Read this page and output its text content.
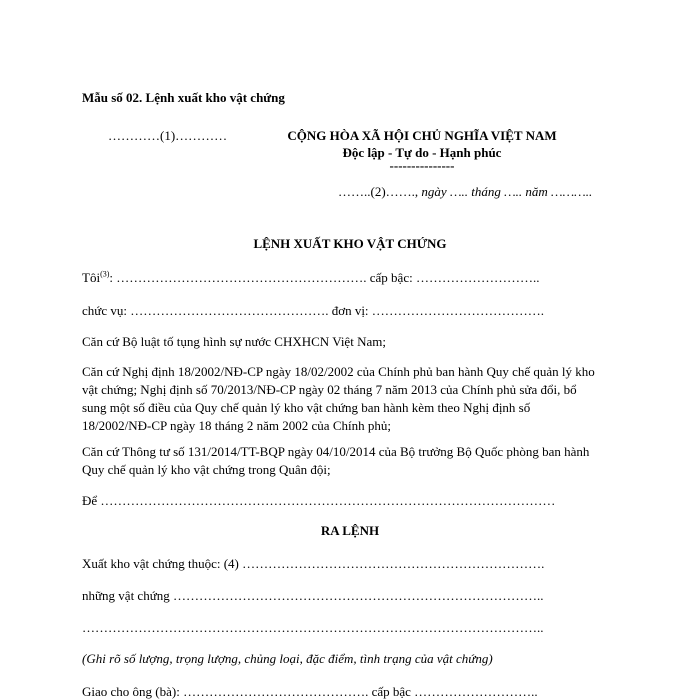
Mẫu số 02. Lệnh xuất kho vật chứng
…………(1)…………	CỘNG HÒA XÃ HỘI CHỦ NGHĨA VIỆT NAM
Độc lập - Tự do - Hạnh phúc
---------------
……..(2)……., ngày ….. tháng ….. năm ………..
LỆNH XUẤT KHO VẬT CHỨNG
Tôi$^{(3)}$: …………………………………………………. cấp bậc: ………………………..
chức vụ: ………………………………………. đơn vị: ………………………………….
Căn cứ Bộ luật tố tụng hình sự nước CHXHCN Việt Nam;
Căn cứ Nghị định 18/2002/NĐ-CP ngày 18/02/2002 của Chính phủ ban hành Quy chế quản lý kho vật chứng; Nghị định số 70/2013/NĐ-CP ngày 02 tháng 7 năm 2013 của Chính phủ sửa đổi, bổ sung một số điều của Quy chế quản lý kho vật chứng ban hành kèm theo Nghị định số 18/2002/NĐ-CP ngày 18 tháng 2 năm 2002 của Chính phủ;
Căn cứ Thông tư số 131/2014/TT-BQP ngày 04/10/2014 của Bộ trưởng Bộ Quốc phòng ban hành Quy chế quản lý kho vật chứng trong Quân đội;
Để ……………………………………………………………………………………………
RA LỆNH
Xuất kho vật chứng thuộc: (4) …………………………………………………………….
những vật chứng …………………………………………………………………………..
……………………………………………………………………………………………..
(Ghi rõ số lượng, trọng lượng, chủng loại, đặc điểm, tình trạng của vật chứng)
Giao cho ông (bà): ……………………………………. cấp bậc ………………………..
